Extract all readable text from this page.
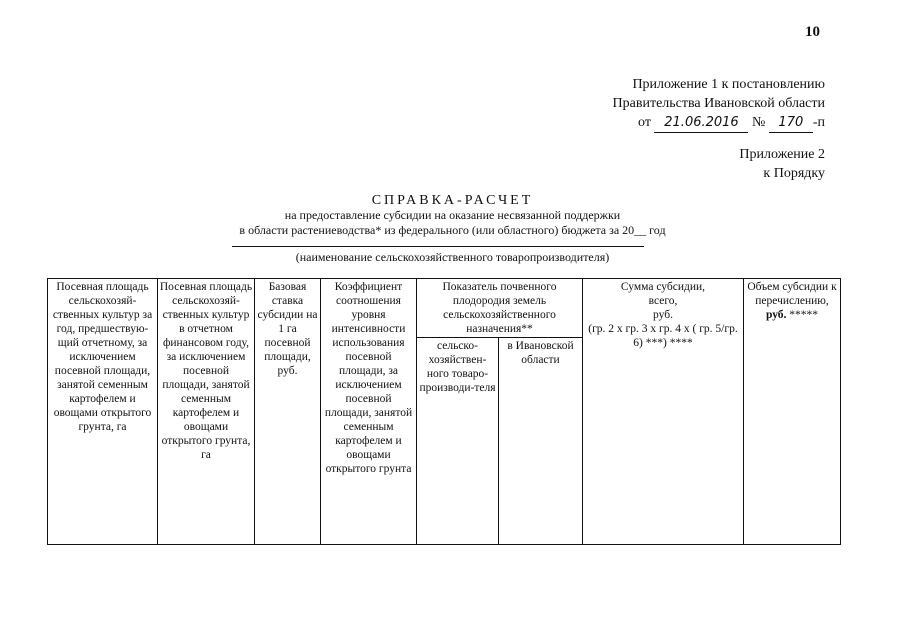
10
Приложение 1 к постановлению
Правительства Ивановской области
от 21.06.2016 № 170 -п
Приложение 2
к Порядку
СПРАВКА-РАСЧЕТ
на предоставление субсидии на оказание несвязанной поддержки
в области растениеводства* из федерального (или областного) бюджета за 20__ год
(наименование сельскохозяйственного товаропроизводителя)
Посевная площадь сельскохозяй-ственных культур за год, предшествую-щий отчетному, за исключением посевной площади, занятой семенным картофелем и овощами открытого грунта, га	Посевная площадь сельскохозяй-ственных культур в отчетном финансовом году, за исключением посевной площади, занятой семенным картофелем и овощами открытого грунта, га	Базовая ставка субсидии на 1 га посевной площади, руб.	Коэффициент соотношения уровня интенсивности использования посевной площади, за исключением посевной площади, занятой семенным картофелем и овощами открытого грунта	Показатель почвенного плодородия земель сельскохозяйственного назначения**		Сумма субсидии,
всего,
руб.
(гр. 2 х гр. 3 х гр. 4 х ( гр. 5/гр. 6) ***) ****	Объем субсидии к перечислению, руб. *****
				сельско-хозяйствен-ного товаро-производи-теля	в Ивановской области		
